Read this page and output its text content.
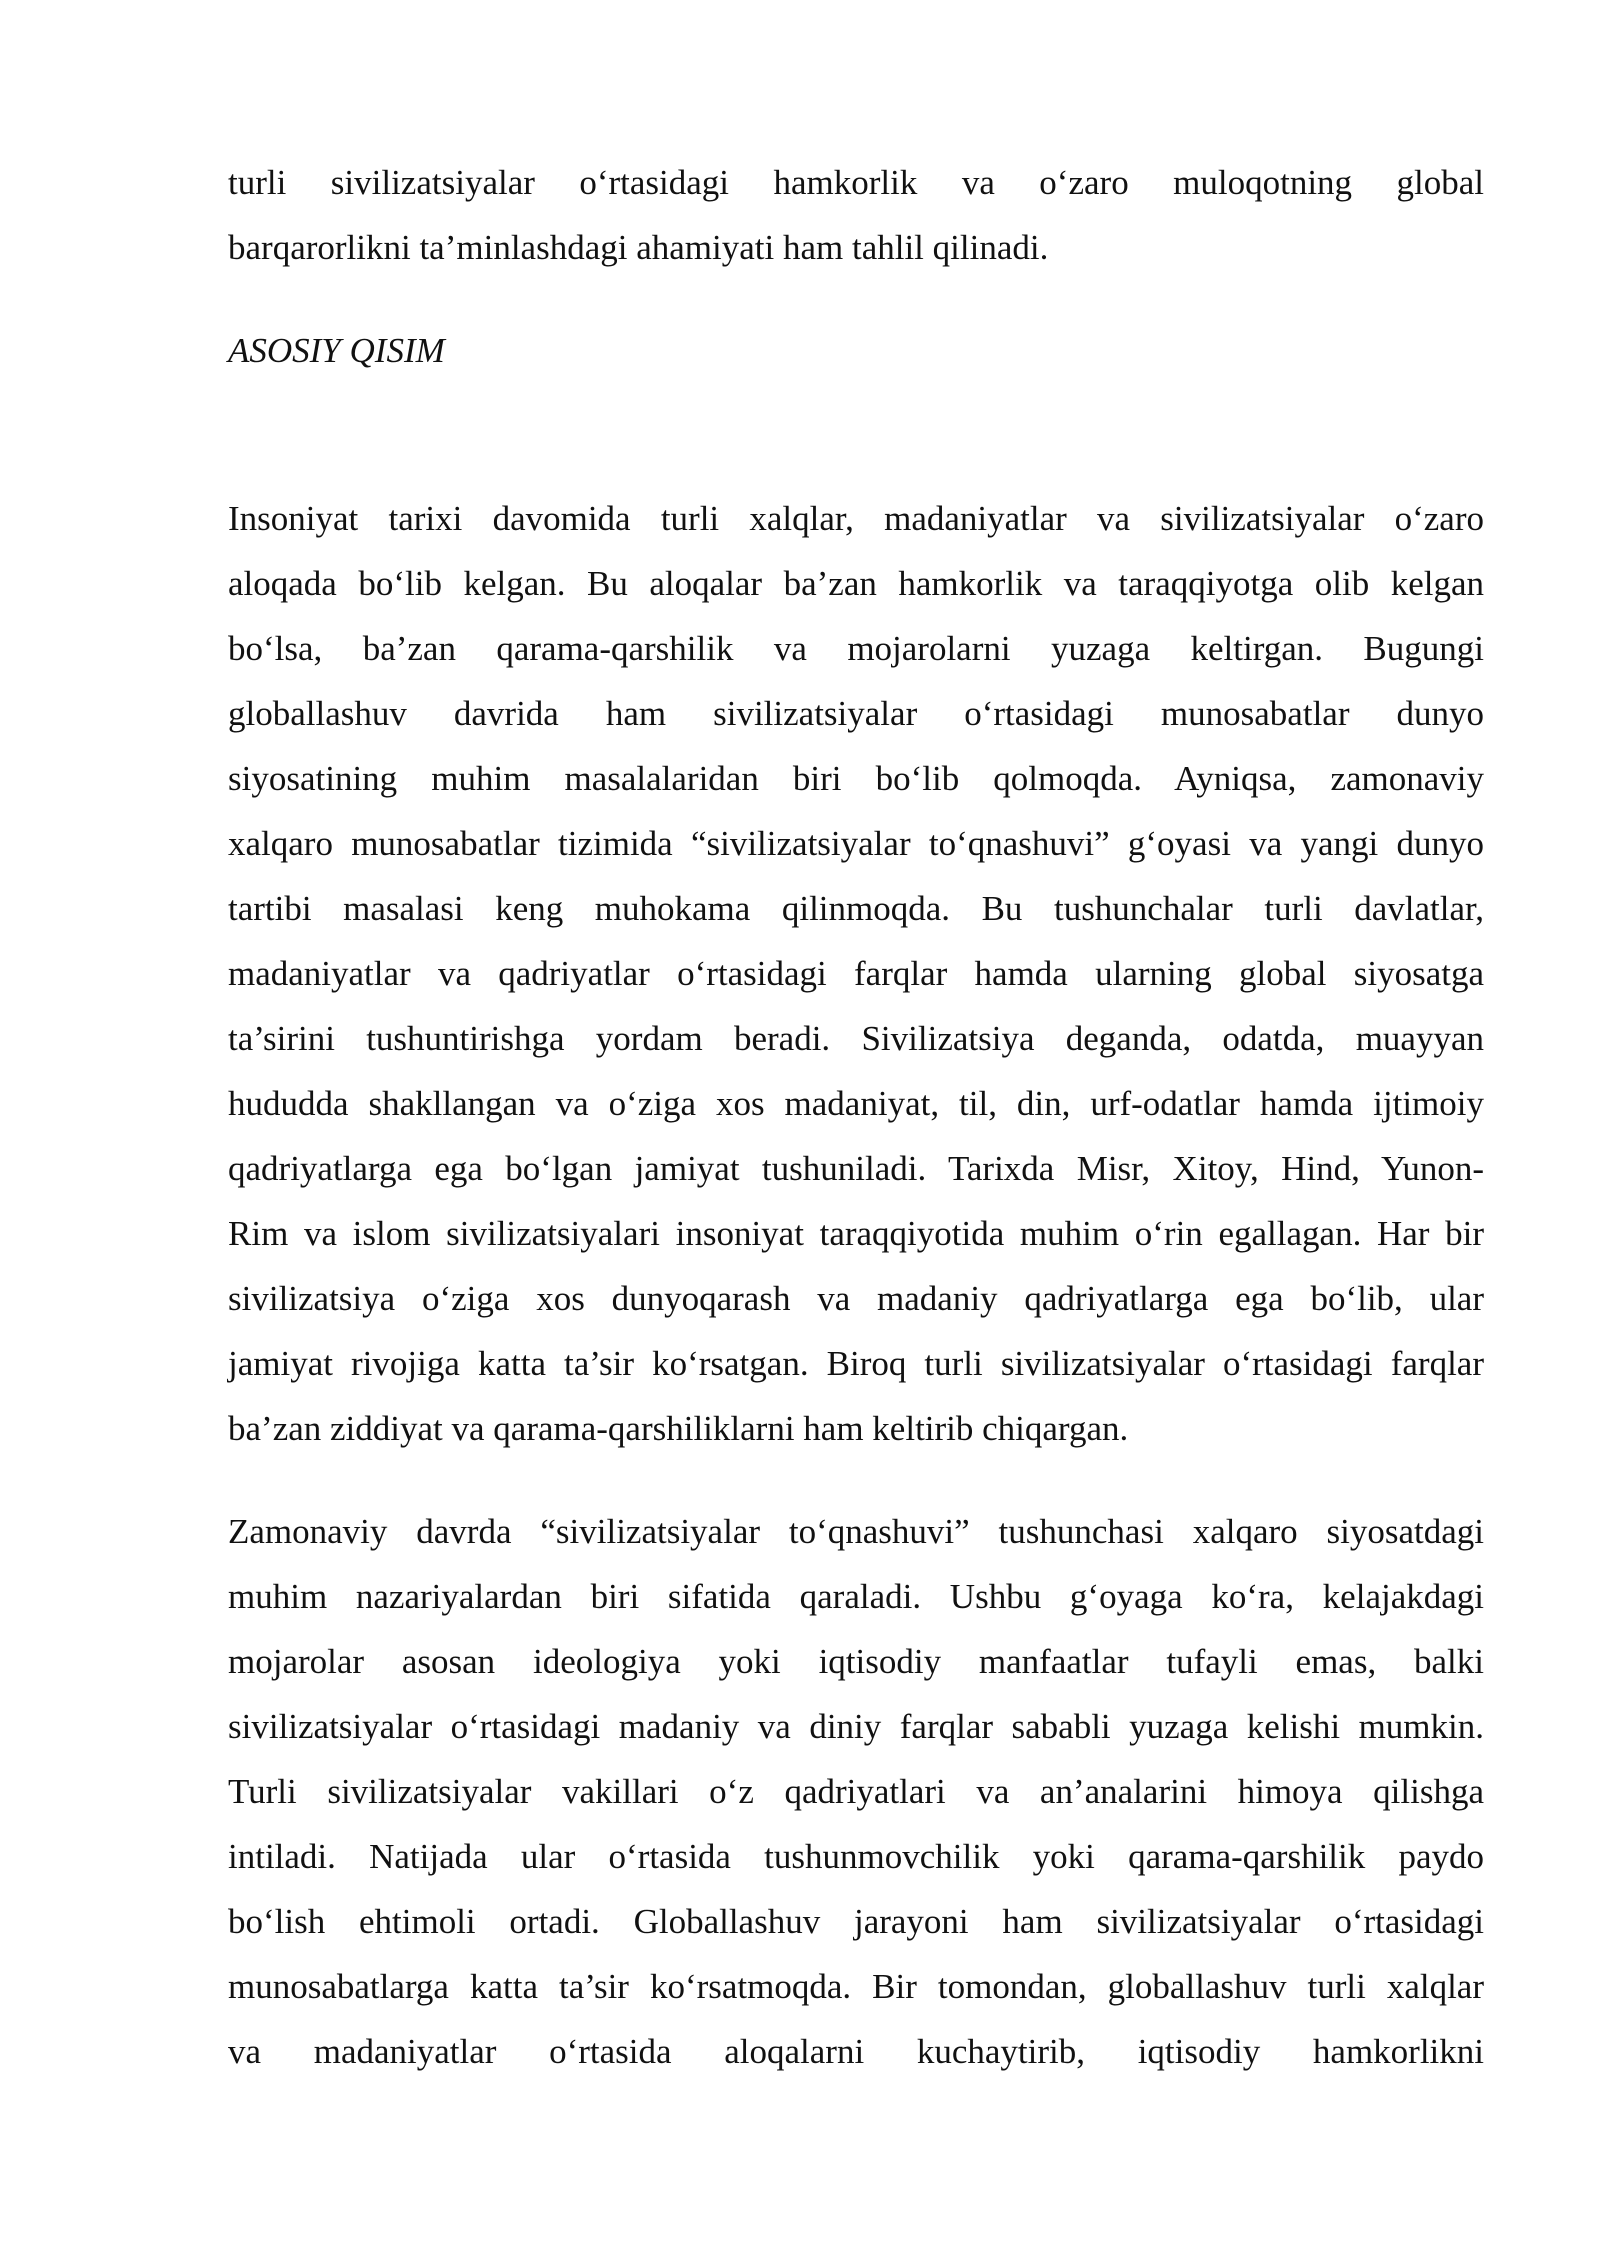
turli sivilizatsiyalar o‘rtasidagi hamkorlik va o‘zaro muloqotning global
barqarorlikni ta’minlashdagi ahamiyati ham tahlil qilinadi.
ASOSIY QISIM
Insoniyat tarixi davomida turli xalqlar, madaniyatlar va sivilizatsiyalar o‘zaro
aloqada bo‘lib kelgan. Bu aloqalar ba’zan hamkorlik va taraqqiyotga olib kelgan
bo‘lsa, ba’zan qarama-qarshilik va mojarolarni yuzaga keltirgan. Bugungi
globallashuv davrida ham sivilizatsiyalar o‘rtasidagi munosabatlar dunyo
siyosatining muhim masalalaridan biri bo‘lib qolmoqda. Ayniqsa, zamonaviy
xalqaro munosabatlar tizimida “sivilizatsiyalar to‘qnashuvi” g‘oyasi va yangi dunyo
tartibi masalasi keng muhokama qilinmoqda. Bu tushunchalar turli davlatlar,
madaniyatlar va qadriyatlar o‘rtasidagi farqlar hamda ularning global siyosatga
ta’sirini tushuntirishga yordam beradi. Sivilizatsiya deganda, odatda, muayyan
hududda shakllangan va o‘ziga xos madaniyat, til, din, urf-odatlar hamda ijtimoiy
qadriyatlarga ega bo‘lgan jamiyat tushuniladi. Tarixda Misr, Xitoy, Hind, Yunon-
Rim va islom sivilizatsiyalari insoniyat taraqqiyotida muhim o‘rin egallagan. Har bir
sivilizatsiya o‘ziga xos dunyoqarash va madaniy qadriyatlarga ega bo‘lib, ular
jamiyat rivojiga katta ta’sir ko‘rsatgan. Biroq turli sivilizatsiyalar o‘rtasidagi farqlar
ba’zan ziddiyat va qarama-qarshiliklarni ham keltirib chiqargan.
Zamonaviy davrda “sivilizatsiyalar to‘qnashuvi” tushunchasi xalqaro siyosatdagi
muhim nazariyalardan biri sifatida qaraladi. Ushbu g‘oyaga ko‘ra, kelajakdagi
mojarolar asosan ideologiya yoki iqtisodiy manfaatlar tufayli emas, balki
sivilizatsiyalar o‘rtasidagi madaniy va diniy farqlar sababli yuzaga kelishi mumkin.
Turli sivilizatsiyalar vakillari o‘z qadriyatlari va an’analarini himoya qilishga
intiladi. Natijada ular o‘rtasida tushunmovchilik yoki qarama-qarshilik paydo
bo‘lish ehtimoli ortadi. Globallashuv jarayoni ham sivilizatsiyalar o‘rtasidagi
munosabatlarga katta ta’sir ko‘rsatmoqda. Bir tomondan, globallashuv turli xalqlar
va madaniyatlar o‘rtasida aloqalarni kuchaytirib, iqtisodiy hamkorlikni
